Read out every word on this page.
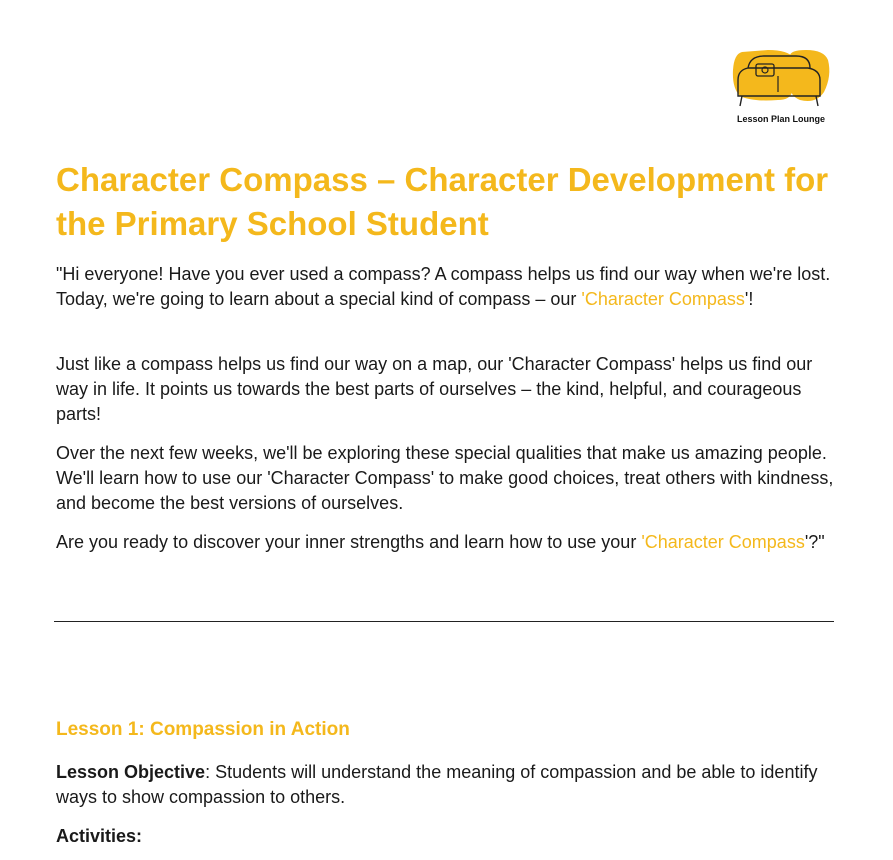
Lesson Plan Lounge
Character Compass – Character Development for the Primary School Student

"Hi everyone! Have you ever used a compass? A compass helps us find our way when we're lost. Today, we're going to learn about a special kind of compass – our 'Character Compass'!

Just like a compass helps us find our way on a map, our 'Character Compass' helps us find our way in life. It points us towards the best parts of ourselves – the kind, helpful, and courageous parts!

Over the next few weeks, we'll be exploring these special qualities that make us amazing people. We'll learn how to use our 'Character Compass' to make good choices, treat others with kindness, and become the best versions of ourselves.

Are you ready to discover your inner strengths and learn how to use your 'Character Compass'?"

Lesson 1: Compassion in Action

Lesson Objective: Students will understand the meaning of compassion and be able to identify ways to show compassion to others.

Activities:
